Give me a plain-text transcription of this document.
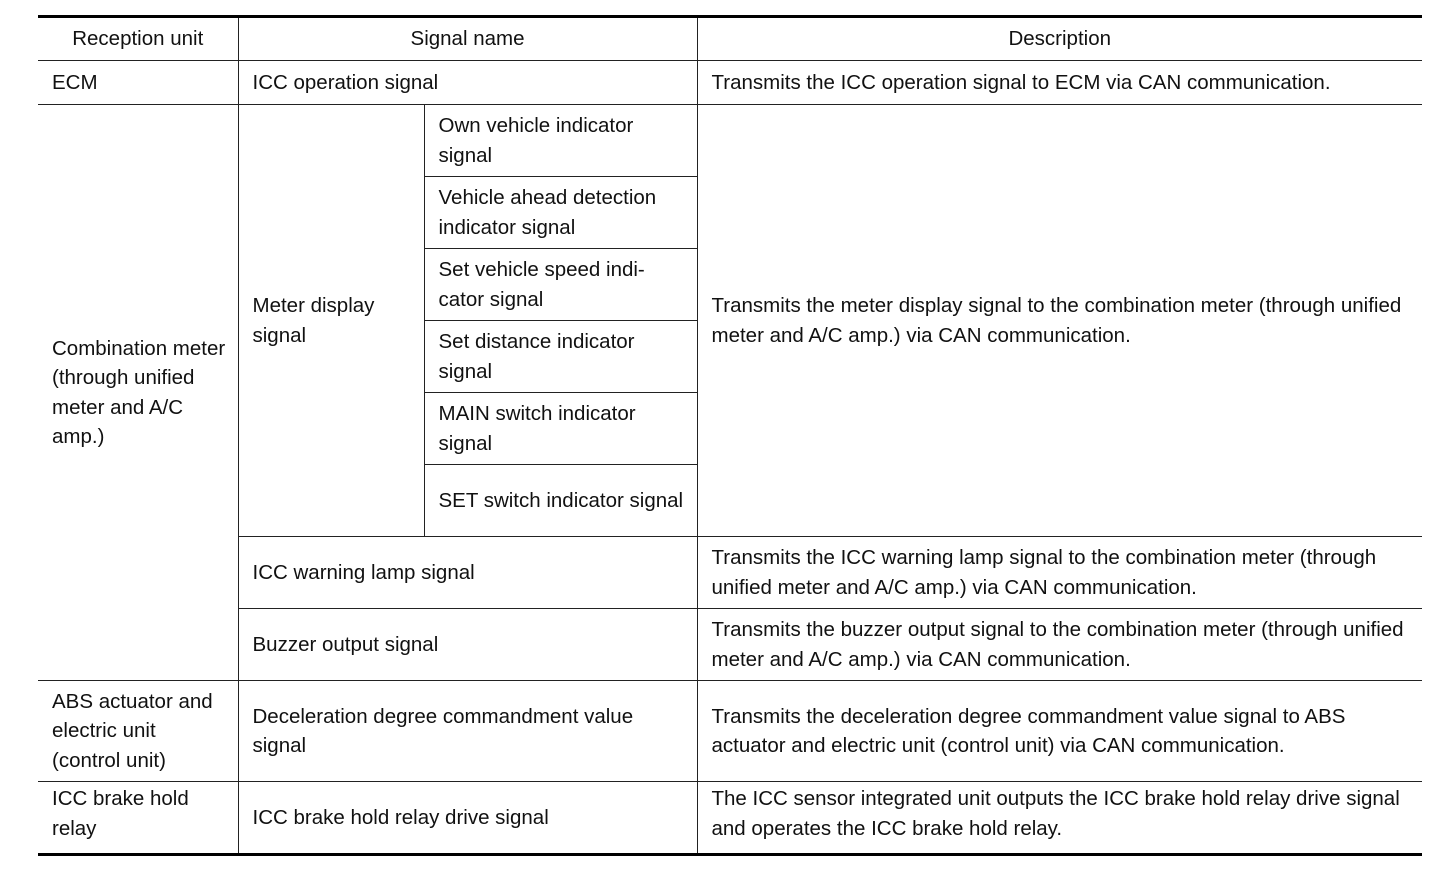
Reception unit	Signal name		Description
ECM	ICC operation signal		Transmits the ICC operation signal to ECM via CAN communication.
Combination meter (through unified meter and A/C amp.)	Meter display signal	Own vehicle indicator signal	Transmits the meter display signal to the combination meter (through unified meter and A/C amp.) via CAN communication.
		Vehicle ahead detection indicator signal	
		Set vehicle speed indi-cator signal	
		Set distance indicator signal	
		MAIN switch indicator signal	
		SET switch indicator signal	
	ICC warning lamp signal		Transmits the ICC warning lamp signal to the combination meter (through unified meter and A/C amp.) via CAN communication.
	Buzzer output signal		Transmits the buzzer output signal to the combination meter (through unified meter and A/C amp.) via CAN communication.
ABS actuator and electric unit (control unit)	Deceleration degree commandment value signal		Transmits the deceleration degree commandment value signal to ABS actuator and electric unit (control unit) via CAN communication.
ICC brake hold relay	ICC brake hold relay drive signal		The ICC sensor integrated unit outputs the ICC brake hold relay drive signal and operates the ICC brake hold relay.
